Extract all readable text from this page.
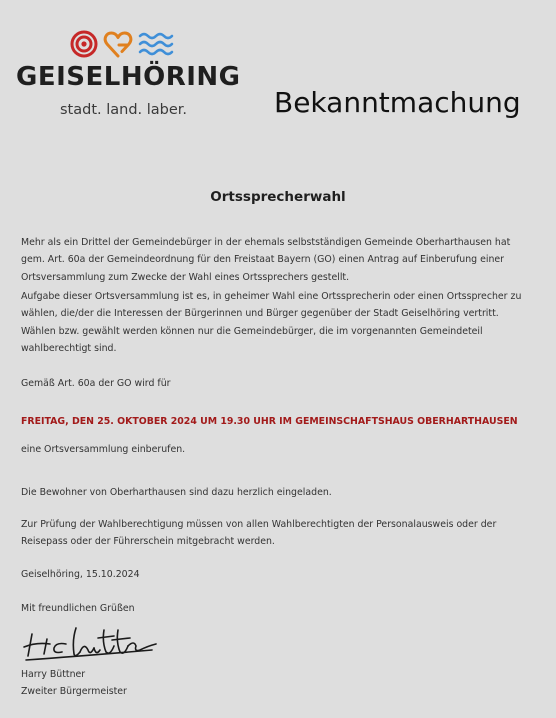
GEISELHÖRING
stadt. land. laber.	Bekanntmachung
Ortssprecherwahl
Mehr als ein Drittel der Gemeindebürger in der ehemals selbstständigen Gemeinde Oberharthausen hat
gem. Art. 60a der Gemeindeordnung für den Freistaat Bayern (GO) einen Antrag auf Einberufung einer
Ortsversammlung zum Zwecke der Wahl eines Ortssprechers gestellt.
Aufgabe dieser Ortsversammlung ist es, in geheimer Wahl eine Ortssprecherin oder einen Ortssprecher zu
wählen, die/der die Interessen der Bürgerinnen und Bürger gegenüber der Stadt Geiselhöring vertritt.
Wählen bzw. gewählt werden können nur die Gemeindebürger, die im vorgenannten Gemeindeteil
wahlberechtigt sind.
Gemäß Art. 60a der GO wird für
FREITAG, DEN 25. OKTOBER 2024 UM 19.30 UHR IM GEMEINSCHAFTSHAUS OBERHARTHAUSEN
eine Ortsversammlung einberufen.
Die Bewohner von Oberharthausen sind dazu herzlich eingeladen.
Zur Prüfung der Wahlberechtigung müssen von allen Wahlberechtigten der Personalausweis oder der
Reisepass oder der Führerschein mitgebracht werden.
Geiselhöring, 15.10.2024
Mit freundlichen Grüßen
Harry Büttner
Zweiter Bürgermeister
